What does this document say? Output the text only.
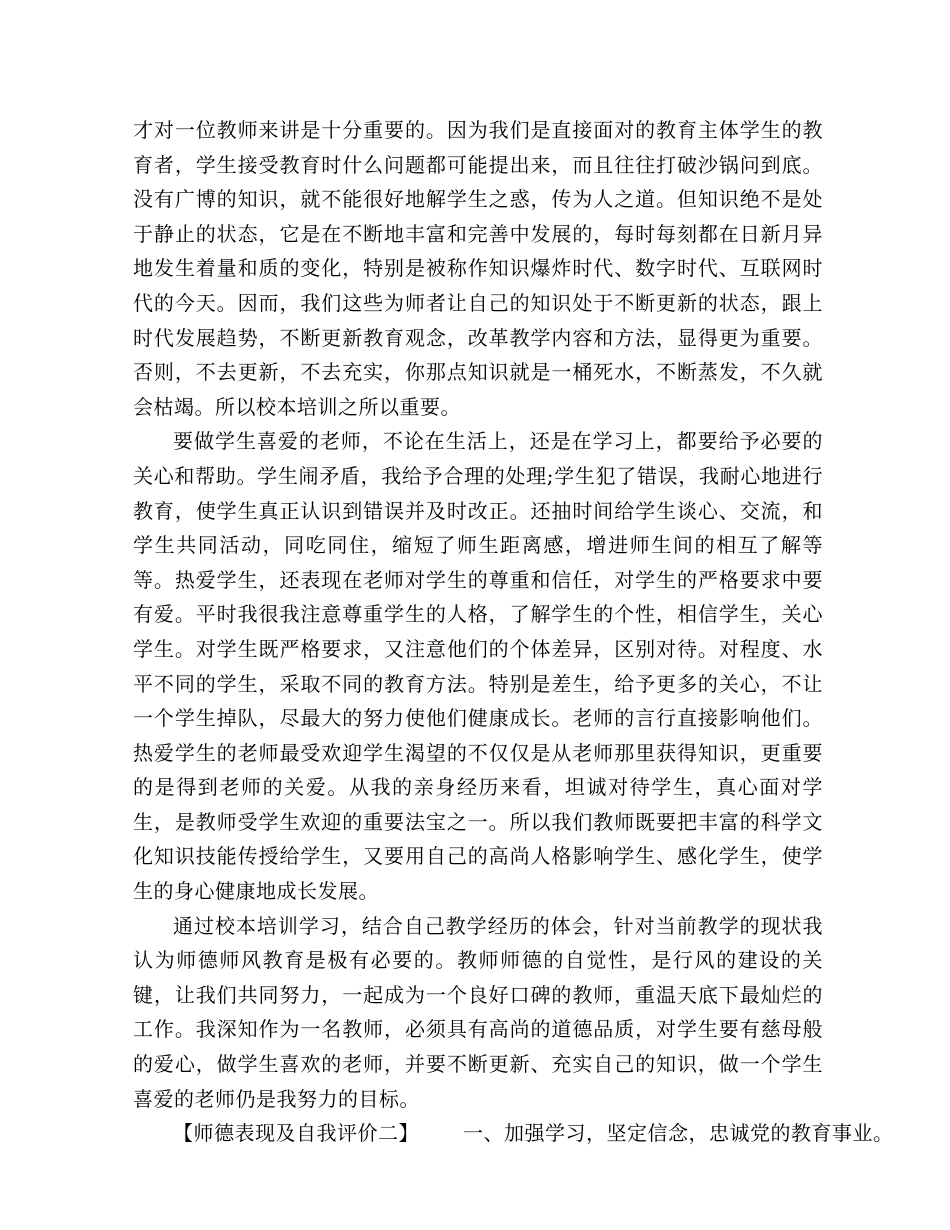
才对一位教师来讲是十分重要的。因为我们是直接面对的教育主体学生的教育者，学生接受教育时什么问题都可能提出来，而且往往打破沙锅问到底。没有广博的知识，就不能很好地解学生之惑，传为人之道。但知识绝不是处于静止的状态，它是在不断地丰富和完善中发展的，每时每刻都在日新月异地发生着量和质的变化，特别是被称作知识爆炸时代、数字时代、互联网时代的今天。因而，我们这些为师者让自己的知识处于不断更新的状态，跟上时代发展趋势，不断更新教育观念，改革教学内容和方法，显得更为重要。否则，不去更新，不去充实，你那点知识就是一桶死水，不断蒸发，不久就会枯竭。所以校本培训之所以重要。

要做学生喜爱的老师，不论在生活上，还是在学习上，都要给予必要的关心和帮助。学生闹矛盾，我给予合理的处理;学生犯了错误，我耐心地进行教育，使学生真正认识到错误并及时改正。还抽时间给学生谈心、交流，和学生共同活动，同吃同住，缩短了师生距离感，增进师生间的相互了解等等。热爱学生，还表现在老师对学生的尊重和信任，对学生的严格要求中要有爱。平时我很我注意尊重学生的人格，了解学生的个性，相信学生，关心学生。对学生既严格要求，又注意他们的个体差异，区别对待。对程度、水平不同的学生，采取不同的教育方法。特别是差生，给予更多的关心，不让一个学生掉队，尽最大的努力使他们健康成长。老师的言行直接影响他们。热爱学生的老师最受欢迎学生渴望的不仅仅是从老师那里获得知识，更重要的是得到老师的关爱。从我的亲身经历来看，坦诚对待学生，真心面对学生，是教师受学生欢迎的重要法宝之一。所以我们教师既要把丰富的科学文化知识技能传授给学生，又要用自己的高尚人格影响学生、感化学生，使学生的身心健康地成长发展。

通过校本培训学习，结合自己教学经历的体会，针对当前教学的现状我认为师德师风教育是极有必要的。教师师德的自觉性，是行风的建设的关键，让我们共同努力，一起成为一个良好口碑的教师，重温天底下最灿烂的工作。我深知作为一名教师，必须具有高尚的道德品质，对学生要有慈母般的爱心，做学生喜欢的老师，并要不断更新、充实自己的知识，做一个学生喜爱的老师仍是我努力的目标。

【师德表现及自我评价二】 一、加强学习，坚定信念，忠诚党的教育事业。
